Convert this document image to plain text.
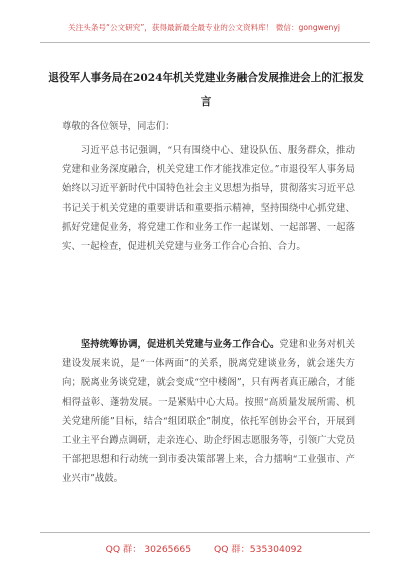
关注头条号“公文研究”，获得最新最全最专业的公文资料库！ 微信：gongwenyj
退役军人事务局在2024年机关党建业务融合发展推进会上的汇报发言
尊敬的各位领导，同志们：

习近平总书记强调，“只有围绕中心、建设队伍、服务群众，推动党建和业务深度融合，机关党建工作才能找准定位。”市退役军人事务局始终以习近平新时代中国特色社会主义思想为指导，贯彻落实习近平总书记关于机关党建的重要讲话和重要指示精神，坚持围绕中心抓党建、抓好党建促业务，将党建工作和业务工作一起谋划、一起部署、一起落实、一起检查，促进机关党建与业务工作合心合拍、合力。

坚持统筹协调，促进机关党建与业务工作合心。党建和业务对机关建设发展来说，是“一体两面”的关系，脱离党建谈业务，就会迷失方向；脱离业务谈党建，就会变成“空中楼阁”，只有两者真正融合，才能相得益彰、蓬勃发展。一是紧贴中心大局。按照“高质量发展所需、机关党建所能”目标，结合“组团联企”制度，依托军创协会平台，开展到工业主平台蹲点调研，走亲连心、助企纾困志愿服务等，引领广大党员干部把思想和行动统一到市委决策部署上来，合力擂响“工业强市、产业兴市”战鼓。

QQ 群： 30265665 QQ 群：535304092
